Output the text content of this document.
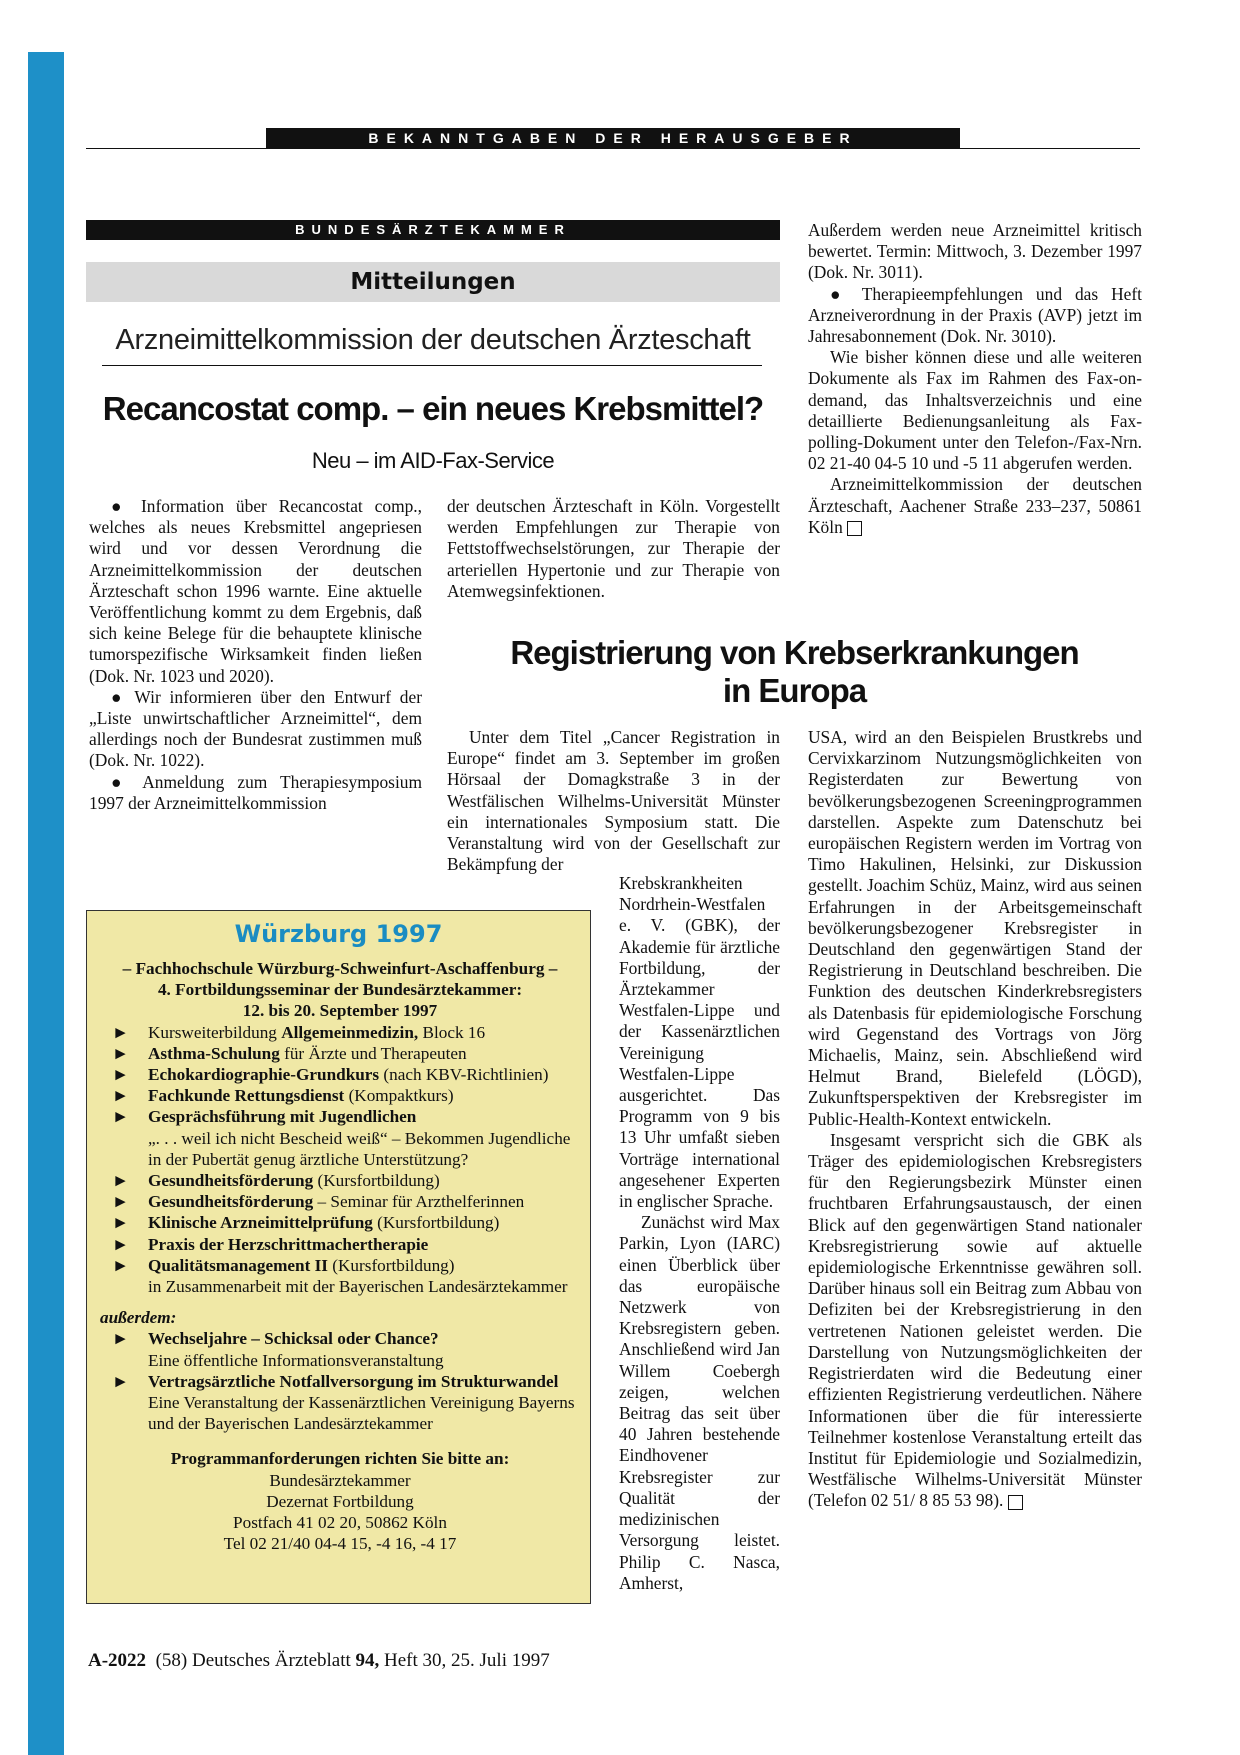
BEKANNTGABEN DER HERAUSGEBER
BUNDESÄRZTEKAMMER
Mitteilungen
Arzneimittelkommission der deutschen Ärzteschaft
Recancostat comp. – ein neues Krebsmittel?
Neu – im AID-Fax-Service

● Information über Recancostat comp., welches als neues Krebsmittel angepriesen wird und vor dessen Verordnung die Arzneimittelkommission der deutschen Ärzteschaft schon 1996 warnte. Eine aktuelle Veröffentlichung kommt zu dem Ergebnis, daß sich keine Belege für die behauptete klinische tumorspezifische Wirksamkeit finden ließen (Dok. Nr. 1023 und 2020).

● Wir informieren über den Entwurf der „Liste unwirtschaftlicher Arzneimittel“, dem allerdings noch der Bundesrat zustimmen muß (Dok. Nr. 1022).

● Anmeldung zum Therapiesymposium 1997 der Arzneimittelkommission

der deutschen Ärzteschaft in Köln. Vorgestellt werden Empfehlungen zur Therapie von Fettstoffwechselstörungen, zur Therapie der arteriellen Hypertonie und zur Therapie von Atemwegsinfektionen.

Außerdem werden neue Arzneimittel kritisch bewertet. Termin: Mittwoch, 3. Dezember 1997 (Dok. Nr. 3011).

● Therapieempfehlungen und das Heft Arzneiverordnung in der Praxis (AVP) jetzt im Jahresabonnement (Dok. Nr. 3010).

Wie bisher können diese und alle weiteren Dokumente als Fax im Rahmen des Fax-on-demand, das Inhaltsverzeichnis und eine detaillierte Bedienungsanleitung als Fax-polling-Dokument unter den Telefon-/Fax-Nrn. 02 21-40 04-5 10 und -5 11 abgerufen werden.

Arzneimittelkommission der deutschen Ärzteschaft, Aachener Straße 233–237, 50861 Köln

Registrierung von Krebserkrankungen
in Europa

Unter dem Titel „Cancer Registration in Europe“ findet am 3. September im großen Hörsaal der Domagkstraße 3 in der Westfälischen Wilhelms-Universität Münster ein internationales Symposium statt. Die Veranstaltung wird von der Gesellschaft zur Bekämpfung der

Krebskrankheiten Nordrhein-Westfalen e. V. (GBK), der Akademie für ärztliche Fortbildung, der Ärztekammer Westfalen-Lippe und der Kassenärztlichen Vereinigung Westfalen-Lippe ausgerichtet. Das Programm von 9 bis 13 Uhr umfaßt sieben Vorträge international angesehener Experten in englischer Sprache.

Zunächst wird Max Parkin, Lyon (IARC) einen Überblick über das europäische Netzwerk von Krebsregistern geben. Anschließend wird Jan Willem Coebergh zeigen, welchen Beitrag das seit über 40 Jahren bestehende Eindhovener Krebsregister zur Qualität der medizinischen Versorgung leistet. Philip C. Nasca, Amherst,

USA, wird an den Beispielen Brustkrebs und Cervixkarzinom Nutzungsmöglichkeiten von Registerdaten zur Bewertung von bevölkerungsbezogenen Screeningprogrammen darstellen. Aspekte zum Datenschutz bei europäischen Registern werden im Vortrag von Timo Hakulinen, Helsinki, zur Diskussion gestellt. Joachim Schüz, Mainz, wird aus seinen Erfahrungen in der Arbeitsgemeinschaft bevölkerungsbezogener Krebsregister in Deutschland den gegenwärtigen Stand der Registrierung in Deutschland beschreiben. Die Funktion des deutschen Kinderkrebsregisters als Datenbasis für epidemiologische Forschung wird Gegenstand des Vortrags von Jörg Michaelis, Mainz, sein. Abschließend wird Helmut Brand, Bielefeld (LÖGD), Zukunftsperspektiven der Krebsregister im Public-Health-Kontext entwickeln.

Insgesamt verspricht sich die GBK als Träger des epidemiologischen Krebsregisters für den Regierungsbezirk Münster einen fruchtbaren Erfahrungsaustausch, der einen Blick auf den gegenwärtigen Stand nationaler Krebsregistrierung sowie auf aktuelle epidemiologische Erkenntnisse gewähren soll. Darüber hinaus soll ein Beitrag zum Abbau von Defiziten bei der Krebsregistrierung in den vertretenen Nationen geleistet werden. Die Darstellung von Nutzungsmöglichkeiten der Registrierdaten wird die Bedeutung einer effizienten Registrierung verdeutlichen. Nähere Informationen über die für interessierte Teilnehmer kostenlose Veranstaltung erteilt das Institut für Epidemiologie und Sozialmedizin, Westfälische Wilhelms-Universität Münster (Telefon 02 51/ 8 85 53 98).

Würzburg 1997
– Fachhochschule Würzburg-Schweinfurt-Aschaffenburg –
4. Fortbildungsseminar der Bundesärztekammer:
12. bis 20. September 1997
► Kursweiterbildung Allgemeinmedizin, Block 16
► Asthma-Schulung für Ärzte und Therapeuten
► Echokardiographie-Grundkurs (nach KBV-Richtlinien)
► Fachkunde Rettungsdienst (Kompaktkurs)
► Gesprächsführung mit Jugendlichen
„. . . weil ich nicht Bescheid weiß“ – Bekommen Jugendliche in der Pubertät genug ärztliche Unterstützung?
► Gesundheitsförderung (Kursfortbildung)
► Gesundheitsförderung – Seminar für Arzthelferinnen
► Klinische Arzneimittelprüfung (Kursfortbildung)
► Praxis der Herzschrittmachertherapie
► Qualitätsmanagement II (Kursfortbildung)
in Zusammenarbeit mit der Bayerischen Landesärztekammer
außerdem:
► Wechseljahre – Schicksal oder Chance?
Eine öffentliche Informationsveranstaltung
► Vertragsärztliche Notfallversorgung im Strukturwandel
Eine Veranstaltung der Kassenärztlichen Vereinigung Bayerns und der Bayerischen Landesärztekammer
Programmanforderungen richten Sie bitte an:
Bundesärztekammer
Dezernat Fortbildung
Postfach 41 02 20, 50862 Köln
Tel 02 21/40 04-4 15, -4 16, -4 17
A-2022 (58) Deutsches Ärzteblatt 94, Heft 30, 25. Juli 1997
